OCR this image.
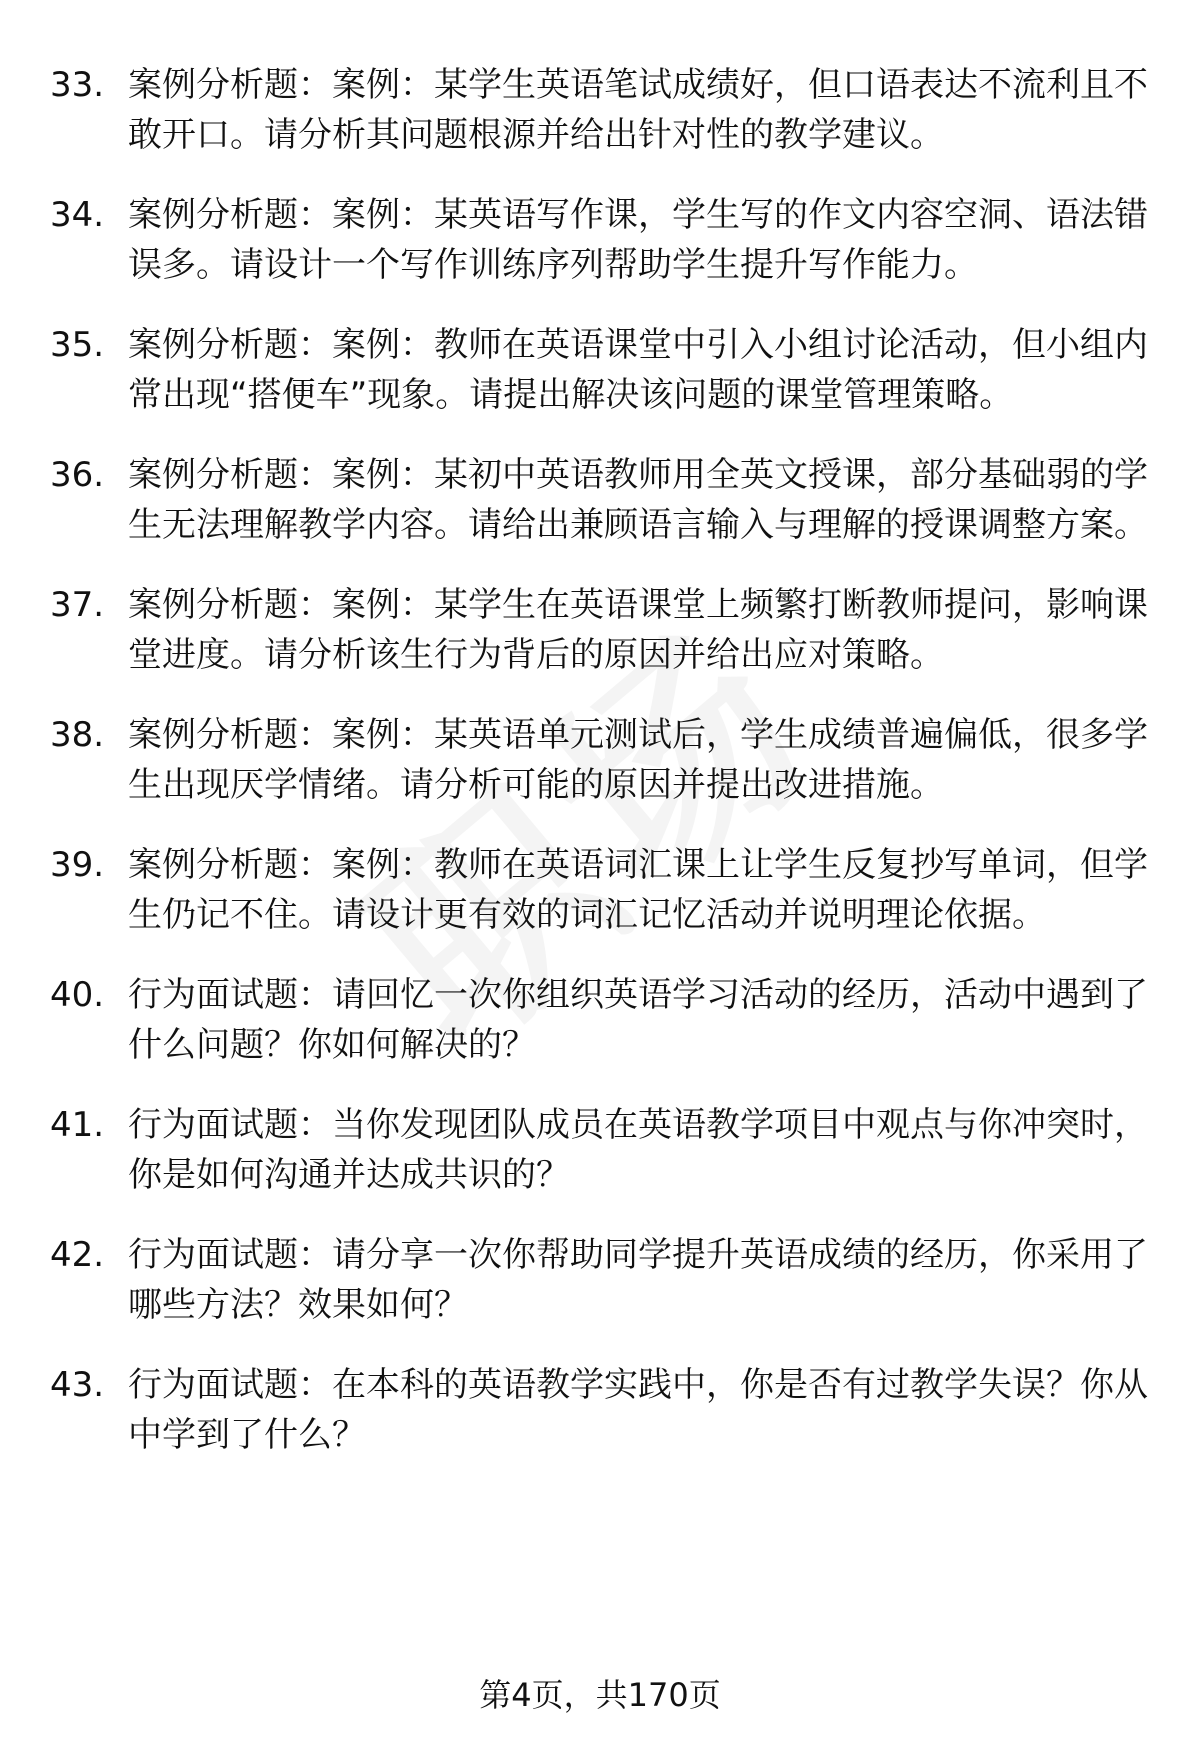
33. 案例分析题：案例：某学生英语笔试成绩好，但口语表达不流利且不敢开口。请分析其问题根源并给出针对性的教学建议。
34. 案例分析题：案例：某英语写作课，学生写的作文内容空洞、语法错误多。请设计一个写作训练序列帮助学生提升写作能力。
35. 案例分析题：案例：教师在英语课堂中引入小组讨论活动，但小组内常出现“搭便车”现象。请提出解决该问题的课堂管理策略。
36. 案例分析题：案例：某初中英语教师用全英文授课，部分基础弱的学生无法理解教学内容。请给出兼顾语言输入与理解的授课调整方案。
37. 案例分析题：案例：某学生在英语课堂上频繁打断教师提问，影响课堂进度。请分析该生行为背后的原因并给出应对策略。
38. 案例分析题：案例：某英语单元测试后，学生成绩普遍偏低，很多学生出现厌学情绪。请分析可能的原因并提出改进措施。
39. 案例分析题：案例：教师在英语词汇课上让学生反复抄写单词，但学生仍记不住。请设计更有效的词汇记忆活动并说明理论依据。
40. 行为面试题：请回忆一次你组织英语学习活动的经历，活动中遇到了什么问题？你如何解决的？
41. 行为面试题：当你发现团队成员在英语教学项目中观点与你冲突时，你是如何沟通并达成共识的？
42. 行为面试题：请分享一次你帮助同学提升英语成绩的经历，你采用了哪些方法？效果如何？
43. 行为面试题：在本科的英语教学实践中，你是否有过教学失误？你从中学到了什么？
第4页，共170页
